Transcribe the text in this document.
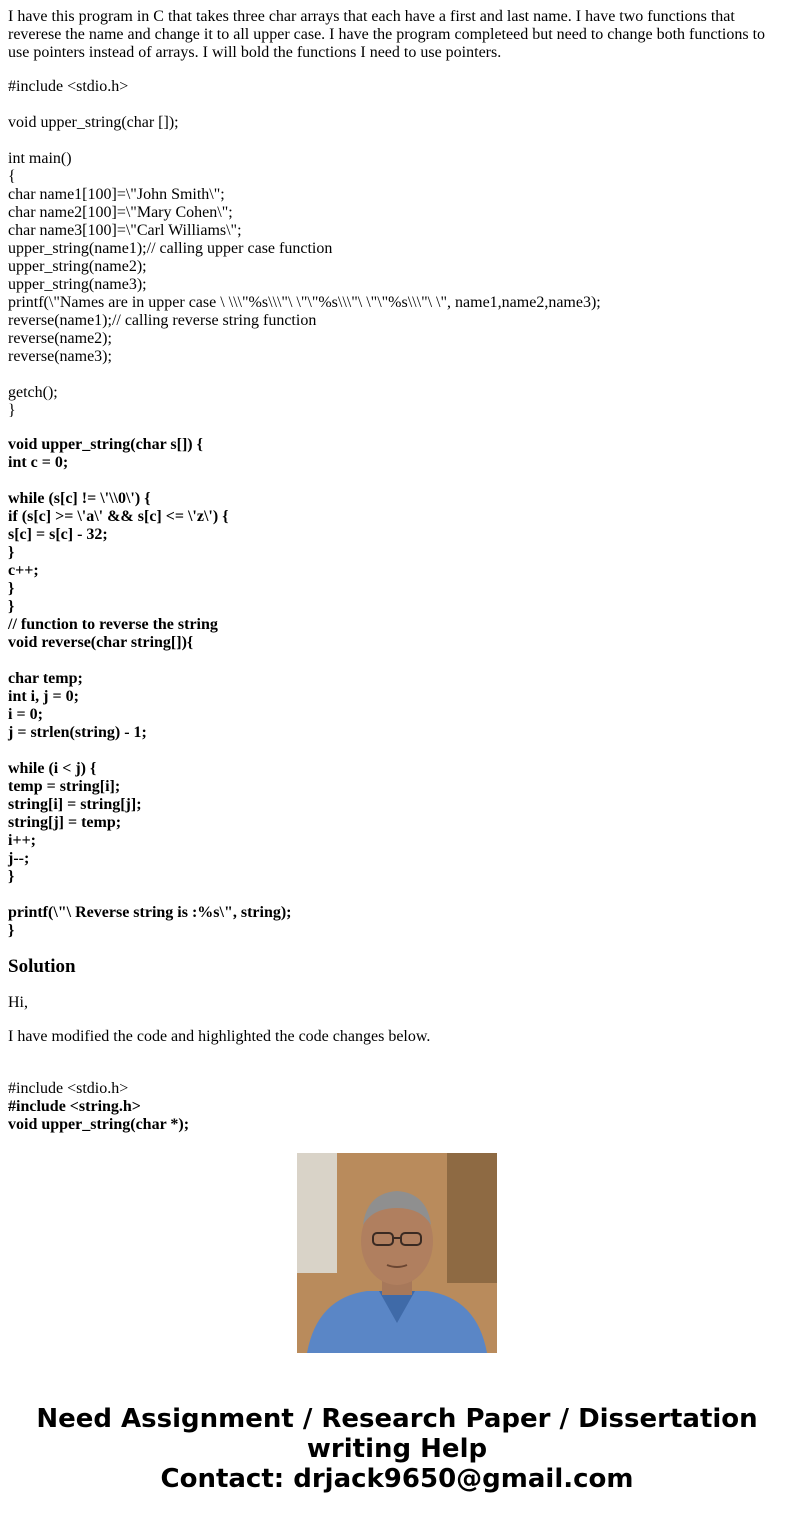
I have this program in C that takes three char arrays that each have a first and last name. I have two functions that reverese the name and change it to all upper case. I have the program completeed but need to change both functions to use pointers instead of arrays. I will bold the functions I need to use pointers.

#include <stdio.h>
void upper_string(char []);
int main()
{
char name1[100]=\"John Smith\";
char name2[100]=\"Mary Cohen\";
char name3[100]=\"Carl Williams\";
upper_string(name1);// calling upper case function
upper_string(name2);
upper_string(name3);
printf(\"Names are in upper case \ \\\"%s\\\"\ \"\"%s\\\"\ \"\"%s\\\"\ \", name1,name2,name3);
reverse(name1);// calling reverse string function
reverse(name2);
reverse(name3);
getch();
}
void upper_string(char s[]) {
int c = 0;
while (s[c] != \'\\0\') {
if (s[c] >= \'a\' && s[c] <= \'z\') {
s[c] = s[c] - 32;
}
c++;
}
}
// function to reverse the string
void reverse(char string[]){
char temp;
int i, j = 0;
i = 0;
j = strlen(string) - 1;
while (i < j) {
temp = string[i];
string[i] = string[j];
string[j] = temp;
i++;
j--;
}
printf(\"\ Reverse string is :%s\", string);
}
Solution

Hi,

I have modified the code and highlighted the code changes below.

#include <stdio.h>
#include <string.h>
void upper_string(char *);
Need Assignment / Research Paper / Dissertation
writing Help
Contact: drjack9650@gmail.com
